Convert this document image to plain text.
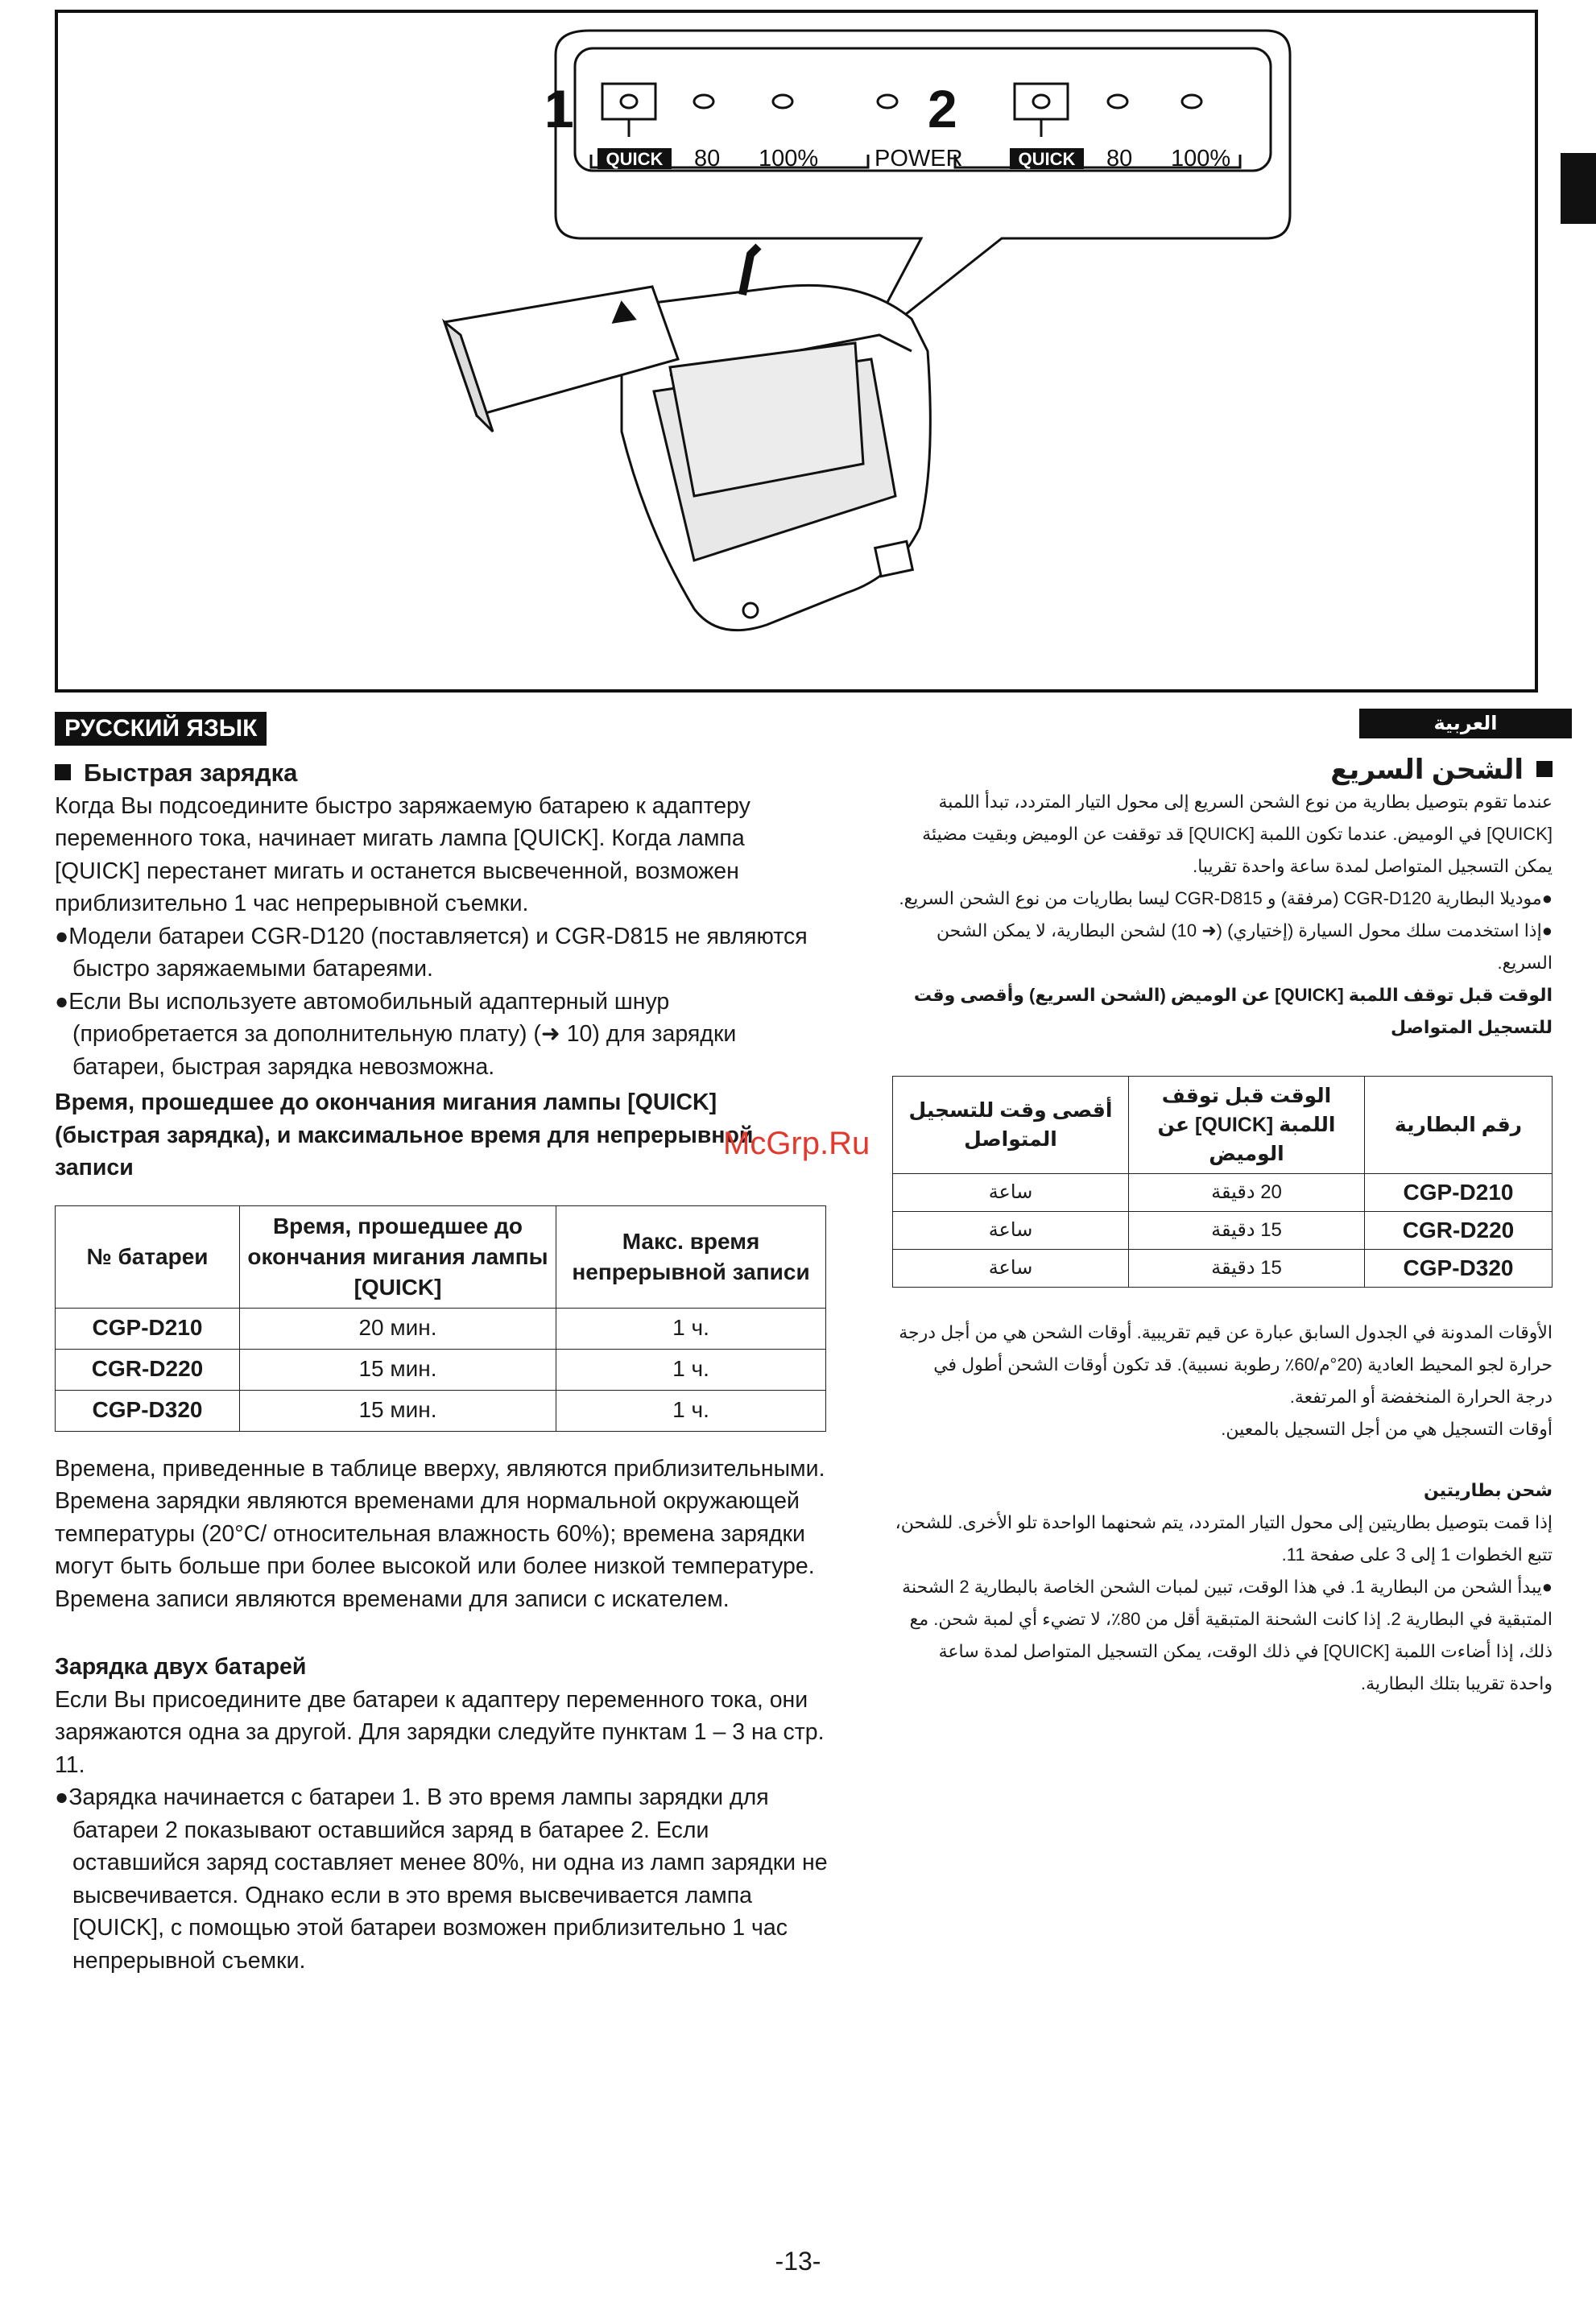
1	2
QUICK 80 100% POWER	QUICK 80 100%
РУССКИЙ ЯЗЫК

Быстрая зарядка

Когда Вы подсоедините быстро заряжаемую батарею к адаптеру переменного тока, начинает мигать лампа [QUICK]. Когда лампа [QUICK] перестанет мигать и останется высвеченной, возможен приблизительно 1 час непрерывной съемки.

●Модели батареи CGR-D120 (поставляется) и CGR-D815 не являются быстро заряжаемыми батареями.

●Если Вы используете автомобильный адаптерный шнур (приобретается за дополнительную плату) (➜ 10) для зарядки батареи, быстрая зарядка невозможна.

Время, прошедшее до окончания мигания лампы [QUICK] (быстрая зарядка), и максимальное время для непрерывной записи

№ батареи	Время, прошедшее до окончания мигания лампы [QUICK]	Макс. время непрерывной записи
CGP-D210	20 мин.	1 ч.
CGR-D220	15 мин.	1 ч.
CGP-D320	15 мин.	1 ч.

Времена, приведенные в таблице вверху, являются приблизительными. Времена зарядки являются временами для нормальной окружающей температуры (20°C/ относительная влажность 60%); времена зарядки могут быть больше при более высокой или более низкой температуре. Времена записи являются временами для записи с искателем.

Зарядка двух батарей

Если Вы присоедините две батареи к адаптеру переменного тока, они заряжаются одна за другой. Для зарядки следуйте пунктам 1 – 3 на стр. 11.

●Зарядка начинается с батареи 1. В это время лампы зарядки для батареи 2 показывают оставшийся заряд в батарее 2. Если оставшийся заряд составляет менее 80%, ни одна из ламп зарядки не высвечивается. Однако если в это время высвечивается лампа [QUICK], с помощью этой батареи возможен приблизительно 1 час непрерывной съемки.

العربية

الشحن السريع

عندما تقوم بتوصيل بطارية من نوع الشحن السريع إلى محول التيار المتردد، تبدأ اللمبة [QUICK] في الوميض. عندما تكون اللمبة [QUICK] قد توقفت عن الوميض وبقيت مضيئة يمكن التسجيل المتواصل لمدة ساعة واحدة تقريبا.

●موديلا البطارية CGR-D120 (مرفقة) و CGR-D815 ليسا بطاريات من نوع الشحن السريع.

●إذا استخدمت سلك محول السيارة (إختياري) (➜ 10) لشحن البطارية، لا يمكن الشحن السريع.

الوقت قبل توقف اللمبة [QUICK] عن الوميض (الشحن السريع) وأقصى وقت للتسجيل المتواصل

رقم البطارية	الوقت قبل توقف اللمبة [QUICK] عن الوميض	أقصى وقت للتسجيل المتواصل
CGP-D210	20 دقيقة	ساعة
CGR-D220	15 دقيقة	ساعة
CGP-D320	15 دقيقة	ساعة

الأوقات المدونة في الجدول السابق عبارة عن قيم تقريبية. أوقات الشحن هي من أجل درجة حرارة لجو المحيط العادية (20°م/60٪ رطوبة نسبية). قد تكون أوقات الشحن أطول في درجة الحرارة المنخفضة أو المرتفعة.

أوقات التسجيل هي من أجل التسجيل بالمعين.

شحن بطاريتين

إذا قمت بتوصيل بطاريتين إلى محول التيار المتردد، يتم شحنهما الواحدة تلو الأخرى. للشحن، تتبع الخطوات 1 إلى 3 على صفحة 11.

●يبدأ الشحن من البطارية 1. في هذا الوقت، تبين لمبات الشحن الخاصة بالبطارية 2 الشحنة المتبقية في البطارية 2. إذا كانت الشحنة المتبقية أقل من 80٪، لا تضيء أي لمبة شحن. مع ذلك، إذا أضاءت اللمبة [QUICK] في ذلك الوقت، يمكن التسجيل المتواصل لمدة ساعة واحدة تقريبا بتلك البطارية.

McGrp.Ru
-13-
